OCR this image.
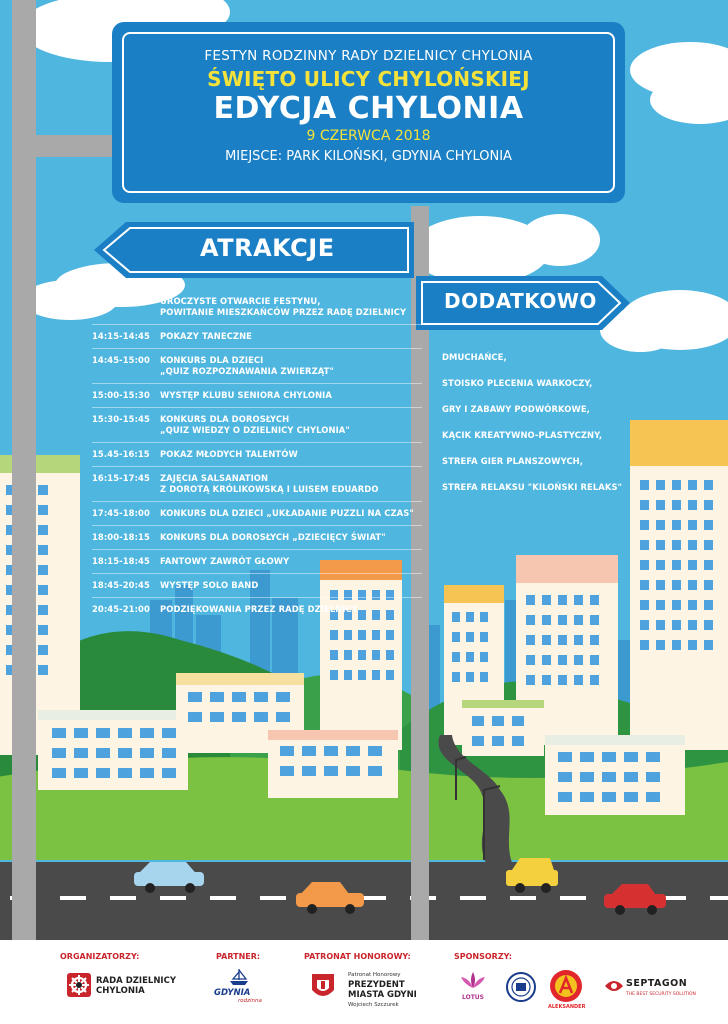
FESTYN RODZINNY RADY DZIELNICY CHYLONIA
ŚWIĘTO ULICY CHYLOŃSKIEJ
EDYCJA CHYLONIA
9 CZERWCA 2018
MIEJSCE: PARK KILOŃSKI, GDYNIA CHYLONIA
ATRAKCJE
DODATKOWO
14:00-14:15	UROCZYSTE OTWARCIE FESTYNU,
POWITANIE MIESZKAŃCÓW PRZEZ RADĘ DZIELNICY
14:15-14:45	POKAZY TANECZNE
14:45-15:00	KONKURS DLA DZIECI
„QUIZ ROZPOZNAWANIA ZWIERZĄT"
15:00-15:30	WYSTĘP KLUBU SENIORA CHYLONIA
15:30-15:45	KONKURS DLA DOROSŁYCH
„QUIZ WIEDZY O DZIELNICY CHYLONIA"
15.45-16:15	POKAZ MŁODYCH TALENTÓW
16:15-17:45	ZAJĘCIA SALSANATION
Z DOROTĄ KRÓLIKOWSKĄ I LUISEM EDUARDO
17:45-18:00	KONKURS DLA DZIECI „UKŁADANIE PUZZLI NA CZAS"
18:00-18:15	KONKURS DLA DOROSŁYCH „DZIECIĘCY ŚWIAT"
18:15-18:45	FANTOWY ZAWRÓT GŁOWY
18:45-20:45	WYSTĘP SOLO BAND
20:45-21:00	PODZIĘKOWANIA PRZEZ RADĘ DZIELNICY
DMUCHAŃCE,
STOISKO PLECENIA WARKOCZY,
GRY I ZABAWY PODWÓRKOWE,
KĄCIK KREATYWNO-PLASTYCZNY,
STREFA GIER PLANSZOWYCH,
STREFA RELAKSU "KILOŃSKI RELAKS"
ORGANIZATORZY:
RADA DZIELNICY
CHYLONIA
PARTNER:
GDYNIA
rodzinna
PATRONAT HONOROWY:
Patronat Honorowy
PREZYDENT
MIASTA GDYNI
Wojciech Szczurek
SPONSORZY:
LOTUS
ALEKSANDER
SEPTAGON
THE BEST SECURITY SOLUTION
